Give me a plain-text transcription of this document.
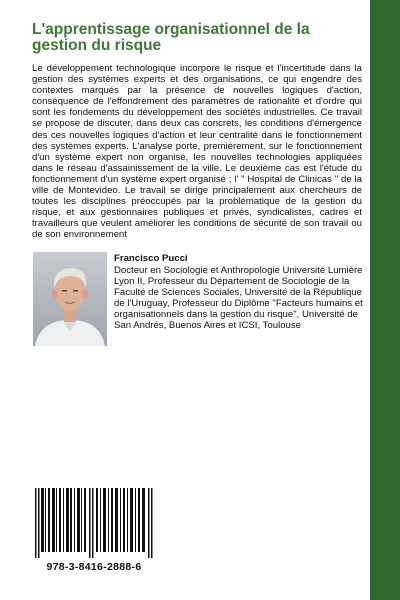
L'apprentissage organisationnel de la gestion du risque

Le développement technologique incorpore le risque et l'incertitude dans la gestion des systèmes experts et des organisations, ce qui engendre des contextes marqués par la présence de nouvelles logiques d'action, conséquence de l'effondrement des paramètres de rationalité et d'ordre qui sont les fondements du développement des sociétés industrielles. Ce travail se propose de discuter, dans deux cas concrets, les conditions d'émergence des ces nouvelles logiques d'action et leur centralité dans le fonctionnement des systèmes experts. L'analyse porte, premièrement, sur le fonctionnement d'un système expert non organisé, les nouvelles technologies appliquées dans le réseau d'assainissement de la ville. Le deuxième cas est l'étude du fonctionnement d'un système expert organisé ; l' " Hospital de Clinicas " de la ville de Montevideo. Le travail se dirige principalement aux chercheurs de toutes les disciplines préoccupés par la problématique de la gestion du risque, et aux gestionnaires publiques et privés, syndicalistes, cadres et travailleurs que veulent améliorer les conditions de sécurité de son travail ou de son environnement

Francisco Pucci

Docteur en Sociologie et Anthropologie Université Lumière Lyon II, Professeur du Département de Sociologie de la Faculté de Sciences Sociales, Université de la République de l'Uruguay, Professeur du Diplôme "Facteurs humains et organisationnels dans la gestion du risque", Université de San Andrés, Buenos Aires et ICSI, Toulouse

978-3-8416-2888-6
